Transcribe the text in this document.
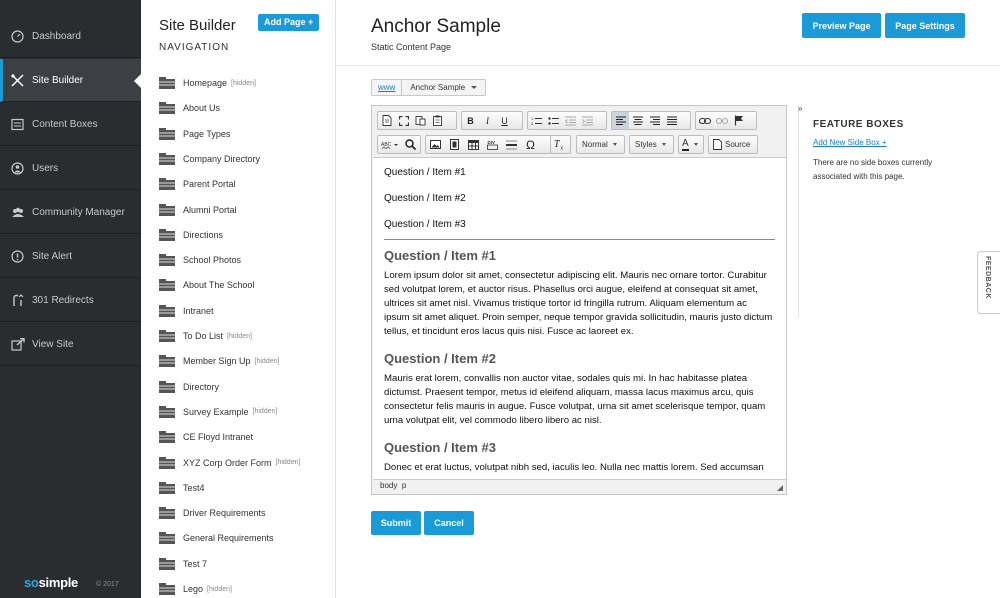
Dashboard
Site Builder
Content Boxes
Users
Community Manager
Site Alert
301 Redirects
View Site
sosimple	© 2017
Site Builder	Add Page +
NAVIGATION
Homepage [hidden]
About Us
Page Types
Company Directory
Parent Portal
Alumni Portal
Directions
School Photos
About The School
Intranet
To Do List [hidden]
Member Sign Up [hidden]
Directory
Survey Example [hidden]
CE Floyd Intranet
XYZ Corp Order Form [hidden]
Test4
Driver Requirements
General Requirements
Test 7
Lego [hidden]
Anchor Sample
Static Content Page
Preview Page	Page Settings
www	Anchor Sample
B	I	U	1
2
ABC	DIV	Ω	T x Normal	Styles	A	Source
Question / Item #1
Question / Item #2
Question / Item #3
Question / Item #1
Lorem ipsum dolor sit amet, consectetur adipiscing elit. Mauris nec ornare tortor. Curabitur sed volutpat lorem, et auctor risus. Phasellus orci augue, eleifend at consequat sit amet, ultrices sit amet nisl. Vivamus tristique tortor id fringilla rutrum. Aliquam elementum ac ipsum sit amet aliquet. Proin semper, neque tempor gravida sollicitudin, mauris justo dictum tellus, et tincidunt eros lacus quis nisi. Fusce ac laoreet ex.
Question / Item #2
Mauris erat lorem, convallis non auctor vitae, sodales quis mi. In hac habitasse platea dictumst. Praesent tempor, metus id eleifend aliquam, massa lacus maximus arcu, quis consectetur felis mauris in augue. Fusce volutpat, urna sit amet scelerisque tempor, quam urna volutpat elit, vel commodo libero libero ac nisl.
Question / Item #3
Donec et erat luctus, volutpat nibh sed, iaculis leo. Nulla nec mattis lorem. Sed accumsan
body p
Submit	Cancel
»
FEATURE BOXES
Add New Side Box +
There are no side boxes currently associated with this page.
FEEDBACK
